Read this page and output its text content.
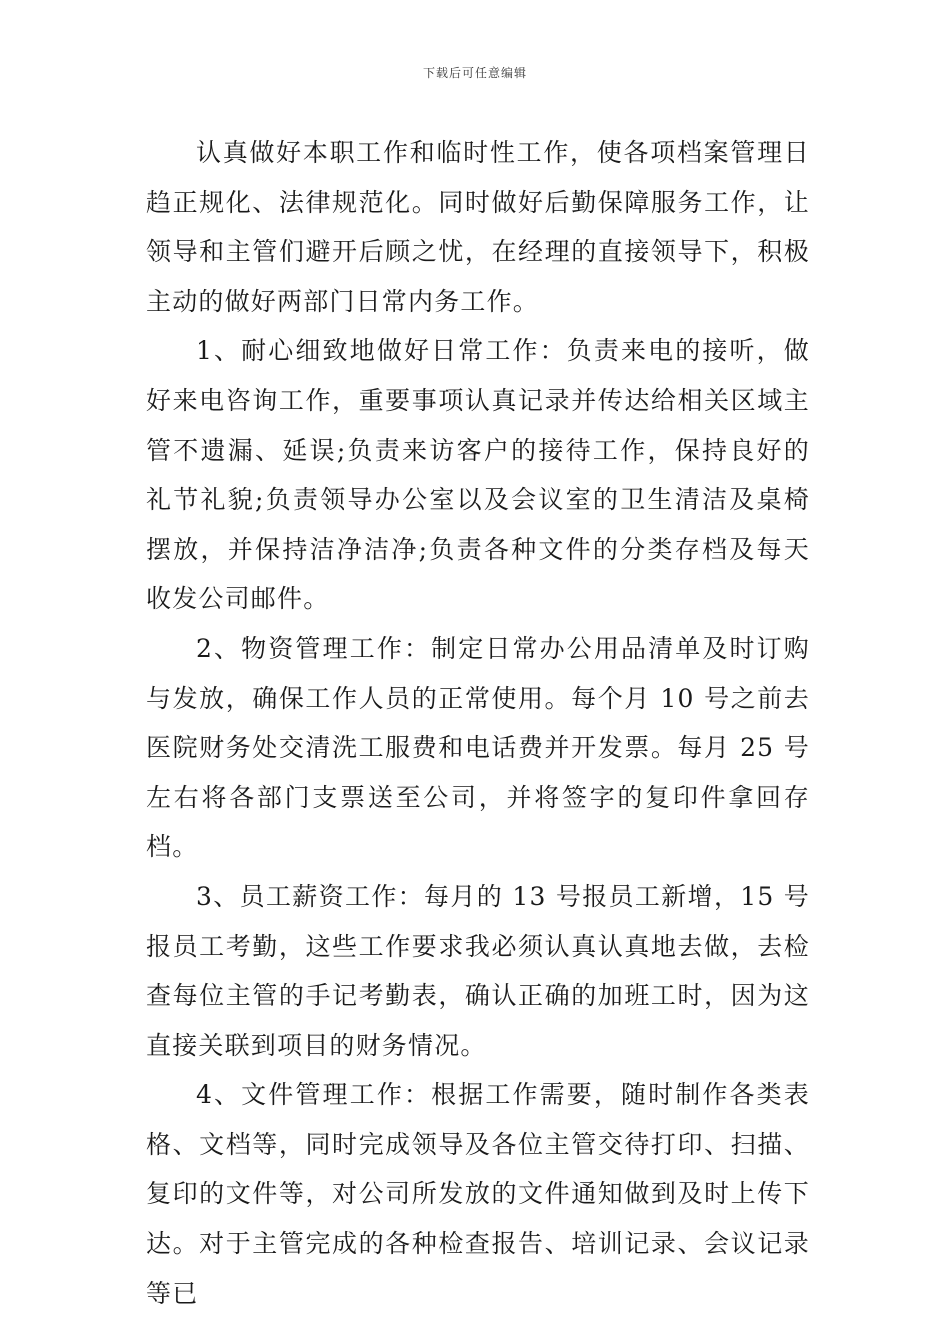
下载后可任意编辑

认真做好本职工作和临时性工作，使各项档案管理日趋正规化、法律规范化。同时做好后勤保障服务工作，让领导和主管们避开后顾之忧，在经理的直接领导下，积极主动的做好两部门日常内务工作。

1、耐心细致地做好日常工作：负责来电的接听，做好来电咨询工作，重要事项认真记录并传达给相关区域主管不遗漏、延误;负责来访客户的接待工作，保持良好的礼节礼貌;负责领导办公室以及会议室的卫生清洁及桌椅摆放，并保持洁净洁净;负责各种文件的分类存档及每天收发公司邮件。

2、物资管理工作：制定日常办公用品清单及时订购与发放，确保工作人员的正常使用。每个月 10 号之前去医院财务处交清洗工服费和电话费并开发票。每月 25 号左右将各部门支票送至公司，并将签字的复印件拿回存档。

3、员工薪资工作：每月的 13 号报员工新增，15 号报员工考勤，这些工作要求我必须认真认真地去做，去检查每位主管的手记考勤表，确认正确的加班工时，因为这直接关联到项目的财务情况。

4、文件管理工作：根据工作需要，随时制作各类表格、文档等，同时完成领导及各位主管交待打印、扫描、复印的文件等，对公司所发放的文件通知做到及时上传下达。对于主管完成的各种检查报告、培训记录、会议记录等已
